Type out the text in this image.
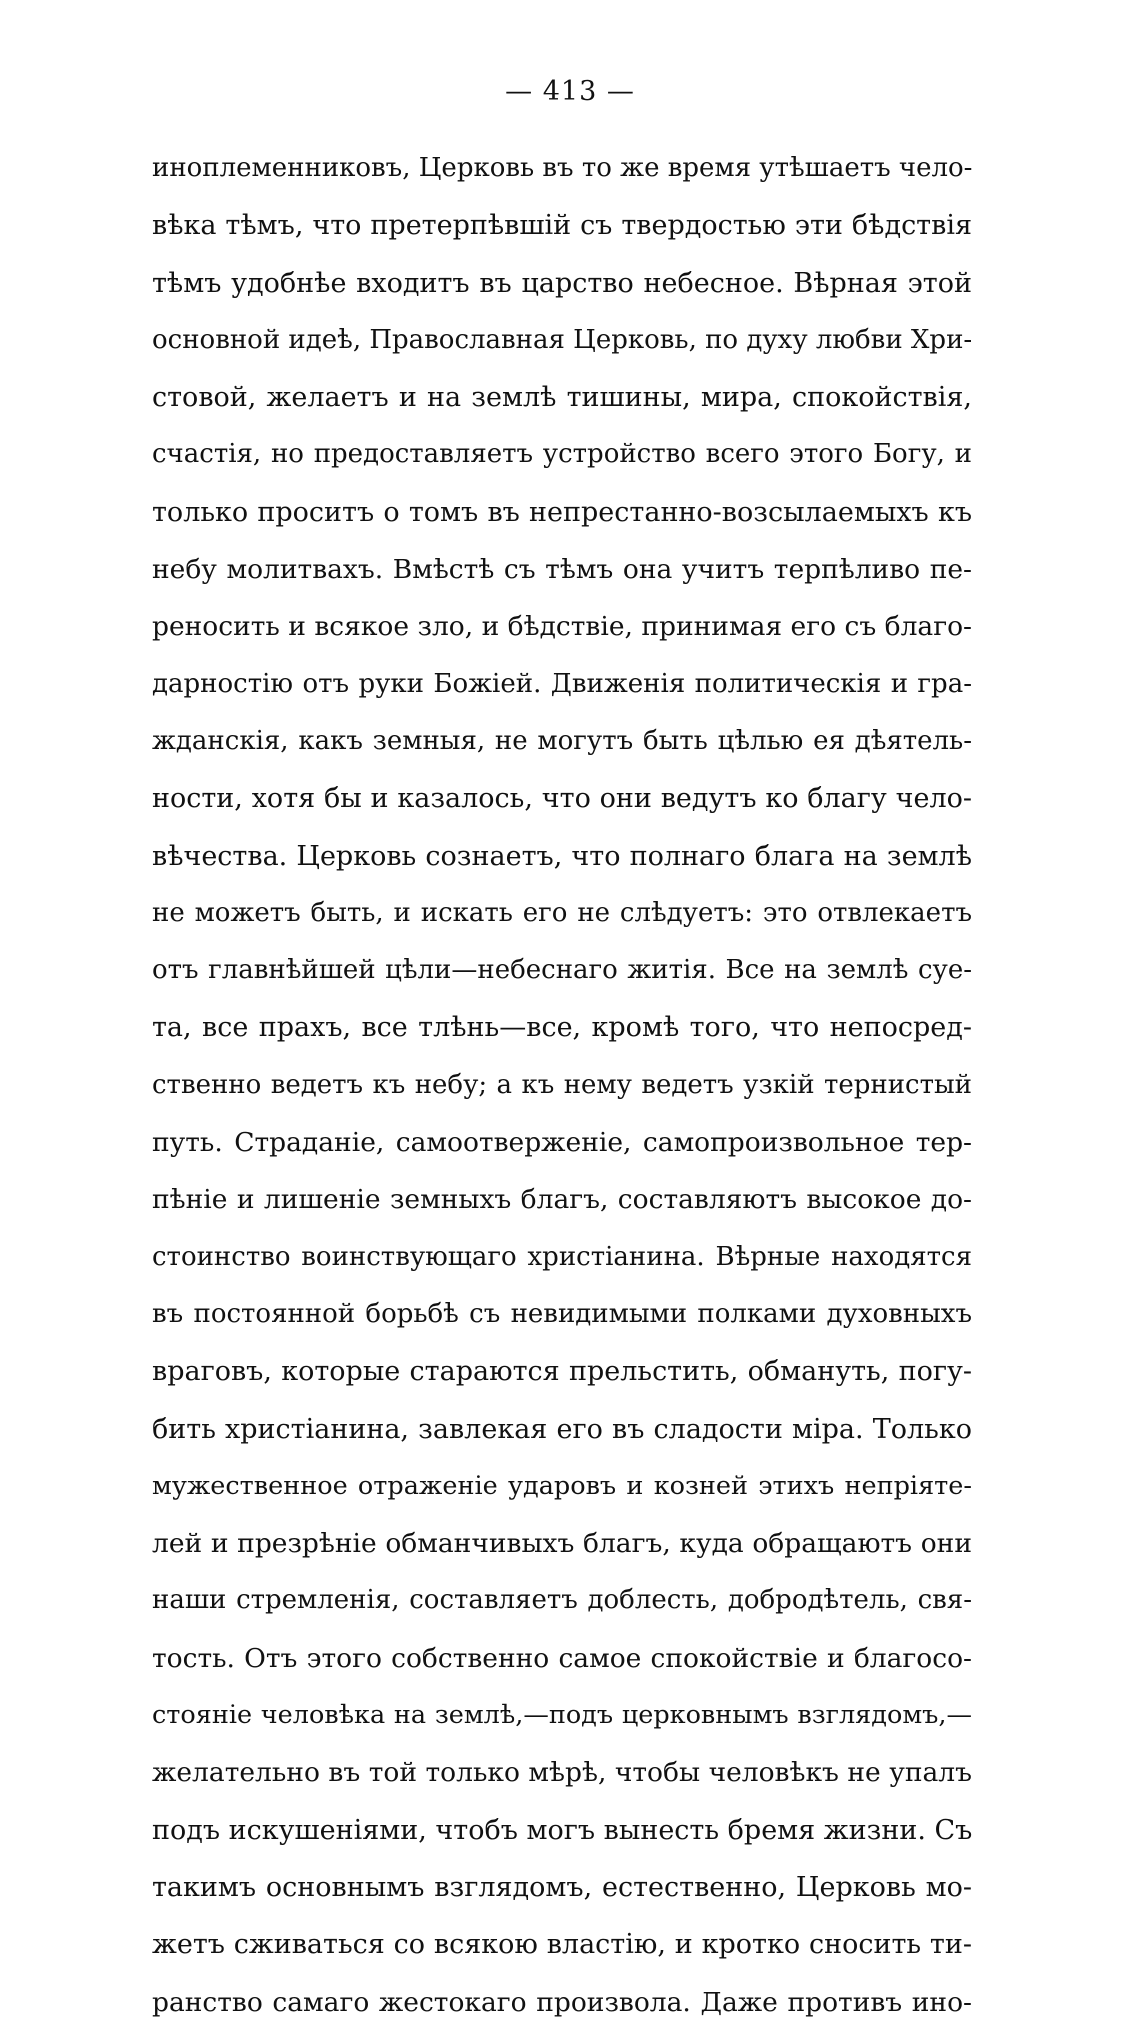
— 413 —
иноплеменниковъ, Церковь въ то же время утѣшаетъ чело-
вѣка тѣмъ, что претерпѣвшій съ твердостью эти бѣдствія
тѣмъ удобнѣе входитъ въ царство небесное. Вѣрная этой
основной идеѣ, Православная Церковь, по духу любви Хри-
стовой, желаетъ и на землѣ тишины, мира, спокойствія,
счастія, но предоставляетъ устройство всего этого Богу, и
только проситъ о томъ въ непрестанно-возсылаемыхъ къ
небу молитвахъ. Вмѣстѣ съ тѣмъ она учитъ терпѣливо пе-
реносить и всякое зло, и бѣдствіе, принимая его съ благо-
дарностію отъ руки Божіей. Движенія политическія и гра-
жданскія, какъ земныя, не могутъ быть цѣлью ея дѣятель-
ности, хотя бы и казалось, что они ведутъ ко благу чело-
вѣчества. Церковь сознаетъ, что полнаго блага на землѣ
не можетъ быть, и искать его не слѣдуетъ: это отвлекаетъ
отъ главнѣйшей цѣли—небеснаго житія. Все на землѣ суе-
та, все прахъ, все тлѣнь—все, кромѣ того, что непосред-
ственно ведетъ къ небу; а къ нему ведетъ узкій тернистый
путь. Страданіе, самоотверженіе, самопроизвольное тер-
пѣніе и лишеніе земныхъ благъ, составляютъ высокое до-
стоинство воинствующаго христіанина. Вѣрные находятся
въ постоянной борьбѣ съ невидимыми полками духовныхъ
враговъ, которые стараются прельстить, обмануть, погу-
бить христіанина, завлекая его въ сладости міра. Только
мужественное отраженіе ударовъ и козней этихъ непріяте-
лей и презрѣніе обманчивыхъ благъ, куда обращаютъ они
наши стремленія, составляетъ доблесть, добродѣтель, свя-
тость. Отъ этого собственно самое спокойствіе и благосо-
стояніе человѣка на землѣ,—подъ церковнымъ взглядомъ,—
желательно въ той только мѣрѣ, чтобы человѣкъ не упалъ
подъ искушеніями, чтобъ могъ вынесть бремя жизни. Съ
такимъ основнымъ взглядомъ, естественно, Церковь мо-
жетъ сживаться со всякою властію, и кротко сносить ти-
ранство самаго жестокаго произвола. Даже противъ ино-
